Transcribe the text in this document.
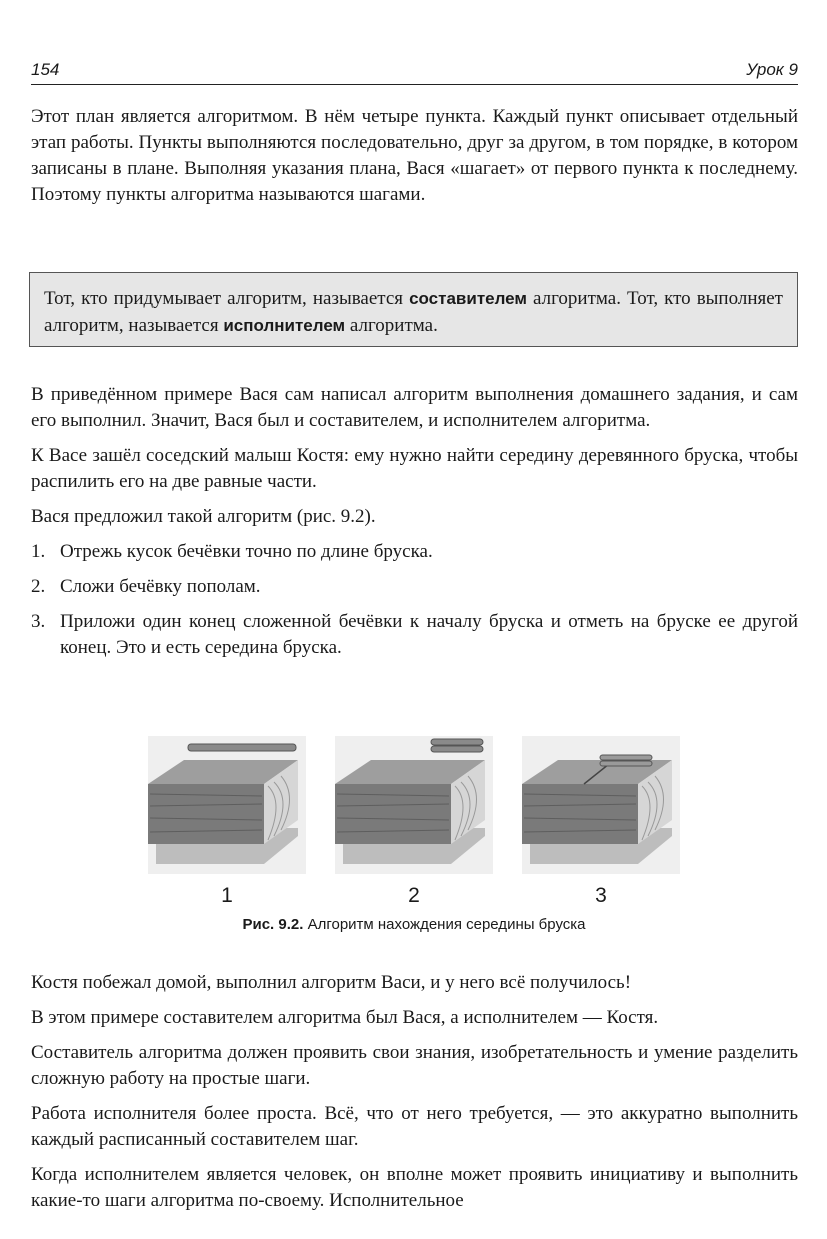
154	Урок 9

Этот план является алгоритмом. В нём четыре пункта. Каждый пункт описывает отдельный этап работы. Пункты выполняются последовательно, друг за другом, в том порядке, в котором записаны в плане. Выполняя указания плана, Вася «шагает» от первого пункта к последнему. Поэтому пункты алгоритма называются шагами.

Тот, кто придумывает алгоритм, называется составителем алгоритма. Тот, кто выполняет алгоритм, называется исполнителем алгоритма.

В приведённом примере Вася сам написал алгоритм выполнения домашнего задания, и сам его выполнил. Значит, Вася был и составителем, и исполнителем алгоритма.

К Васе зашёл соседский малыш Костя: ему нужно найти середину деревянного бруска, чтобы распилить его на две равные части.

Вася предложил такой алгоритм (рис. 9.2).

1. Отрежь кусок бечёвки точно по длине бруска.
2. Сложи бечёвку пополам.
3. Приложи один конец сложенной бечёвки к началу бруска и отметь на бруске ее другой конец. Это и есть середина бруска.
1	2	3
Рис. 9.2. Алгоритм нахождения середины бруска

Костя побежал домой, выполнил алгоритм Васи, и у него всё получилось!

В этом примере составителем алгоритма был Вася, а исполнителем — Костя.

Составитель алгоритма должен проявить свои знания, изобретательность и умение разделить сложную работу на простые шаги.

Работа исполнителя более проста. Всё, что от него требуется, — это аккуратно выполнить каждый расписанный составителем шаг.

Когда исполнителем является человек, он вполне может проявить инициативу и выполнить какие-то шаги алгоритма по-своему. Исполнительное
